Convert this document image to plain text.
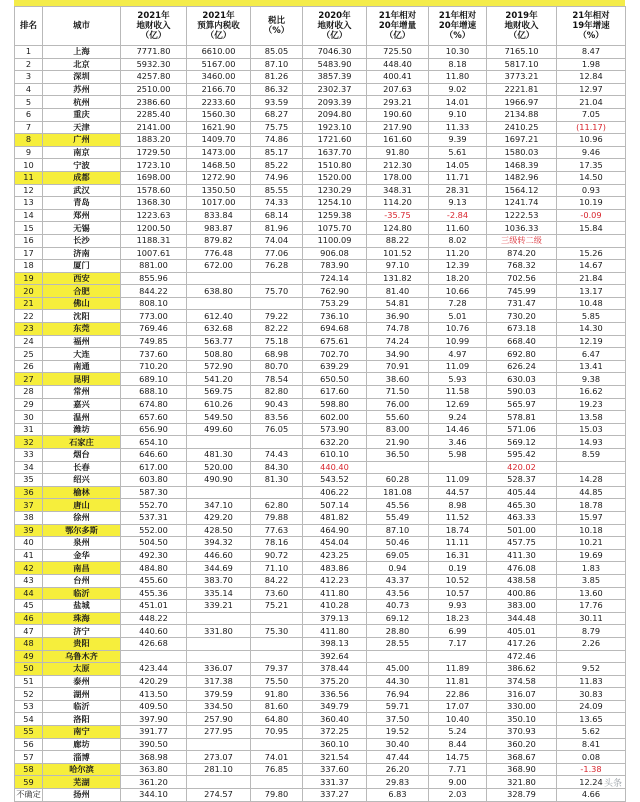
排名	城市	2021年
地财收入
（亿）	2021年
预算内税收
（亿）	税比
（%）	2020年
地财收入
（亿）	21年相对
20年增量
（亿）	21年相对
20年增速
（%）	2019年
地财收入
（亿）	21年相对
19年增速
（%）
1	上海	7771.80	6610.00	85.05	7046.30	725.50	10.30	7165.10	8.47
2	北京	5932.30	5167.00	87.10	5483.90	448.40	8.18	5817.10	1.98
3	深圳	4257.80	3460.00	81.26	3857.39	400.41	11.80	3773.21	12.84
4	苏州	2510.00	2166.70	86.32	2302.37	207.63	9.02	2221.81	12.97
5	杭州	2386.60	2233.60	93.59	2093.39	293.21	14.01	1966.97	21.04
6	重庆	2285.40	1560.30	68.27	2094.80	190.60	9.10	2134.88	7.05
7	天津	2141.00	1621.90	75.75	1923.10	217.90	11.33	2410.25	(11.17)
8	广州	1883.20	1409.70	74.86	1721.60	161.60	9.39	1697.21	10.96
9	南京	1729.50	1473.00	85.17	1637.70	91.80	5.61	1580.03	9.46
10	宁波	1723.10	1468.50	85.22	1510.80	212.30	14.05	1468.39	17.35
11	成都	1698.00	1272.90	74.96	1520.00	178.00	11.71	1482.96	14.50
12	武汉	1578.60	1350.50	85.55	1230.29	348.31	28.31	1564.12	0.93
13	青岛	1368.30	1017.00	74.33	1254.10	114.20	9.13	1241.74	10.19
14	郑州	1223.63	833.84	68.14	1259.38	-35.75	-2.84	1222.53	-0.09
15	无锡	1200.50	983.87	81.96	1075.70	124.80	11.60	1036.33	15.84
16	长沙	1188.31	879.82	74.04	1100.09	88.22	8.02	三级转二级	
17	济南	1007.61	776.48	77.06	906.08	101.52	11.20	874.20	15.26
18	厦门	881.00	672.00	76.28	783.90	97.10	12.39	768.32	14.67
19	西安	855.96			724.14	131.82	18.20	702.56	21.84
20	合肥	844.22	638.80	75.70	762.90	81.40	10.66	745.99	13.17
21	佛山	808.10			753.29	54.81	7.28	731.47	10.48
22	沈阳	773.00	612.40	79.22	736.10	36.90	5.01	730.20	5.85
23	东莞	769.46	632.68	82.22	694.68	74.78	10.76	673.18	14.30
24	福州	749.85	563.77	75.18	675.61	74.24	10.99	668.40	12.19
25	大连	737.60	508.80	68.98	702.70	34.90	4.97	692.80	6.47
26	南通	710.20	572.90	80.70	639.29	70.91	11.09	626.24	13.41
27	昆明	689.10	541.20	78.54	650.50	38.60	5.93	630.03	9.38
28	常州	688.10	569.75	82.80	617.60	71.50	11.58	590.03	16.62
29	嘉兴	674.80	610.26	90.43	598.80	76.00	12.69	565.97	19.23
30	温州	657.60	549.50	83.56	602.00	55.60	9.24	578.81	13.58
31	潍坊	656.90	499.60	76.05	573.90	83.00	14.46	571.06	15.03
32	石家庄	654.10			632.20	21.90	3.46	569.12	14.93
33	烟台	646.60	481.30	74.43	610.10	36.50	5.98	595.42	8.59
34	长春	617.00	520.00	84.30	440.40			420.02	
35	绍兴	603.80	490.90	81.30	543.52	60.28	11.09	528.37	14.28
36	榆林	587.30			406.22	181.08	44.57	405.44	44.85
37	唐山	552.70	347.10	62.80	507.14	45.56	8.98	465.30	18.78
38	徐州	537.31	429.20	79.88	481.82	55.49	11.52	463.33	15.97
39	鄂尔多斯	552.00	428.50	77.63	464.90	87.10	18.74	501.00	10.18
40	泉州	504.50	394.32	78.16	454.04	50.46	11.11	457.75	10.21
41	金华	492.30	446.60	90.72	423.25	69.05	16.31	411.30	19.69
42	南昌	484.80	344.69	71.10	483.86	0.94	0.19	476.08	1.83
43	台州	455.60	383.70	84.22	412.23	43.37	10.52	438.58	3.85
44	临沂	455.36	335.14	73.60	411.80	43.56	10.57	400.86	13.60
45	盐城	451.01	339.21	75.21	410.28	40.73	9.93	383.00	17.76
46	珠海	448.22			379.13	69.12	18.23	344.48	30.11
47	济宁	440.60	331.80	75.30	411.80	28.80	6.99	405.01	8.79
48	贵阳	426.68			398.13	28.55	7.17	417.26	2.26
49	乌鲁木齐				392.64			472.46	
50	太原	423.44	336.07	79.37	378.44	45.00	11.89	386.62	9.52
51	泰州	420.29	317.38	75.50	375.20	44.30	11.81	374.58	11.83
52	湖州	413.50	379.59	91.80	336.56	76.94	22.86	316.07	30.83
53	临沂	409.50	334.50	81.60	349.79	59.71	17.07	330.00	24.09
54	洛阳	397.90	257.90	64.80	360.40	37.50	10.40	350.10	13.65
55	南宁	391.77	277.95	70.95	372.25	19.52	5.24	370.93	5.62
56	廊坊	390.50			360.10	30.40	8.44	360.20	8.41
57	淄博	368.98	273.07	74.01	321.54	47.44	14.75	368.67	0.08
58	哈尔滨	363.80	281.10	76.85	337.60	26.20	7.71	368.90	-1.38
59	芜湖	361.20			331.37	29.83	9.00	321.80	12.24
不确定	扬州	344.10	274.57	79.80	337.27	6.83	2.03	328.79	4.66
头条
